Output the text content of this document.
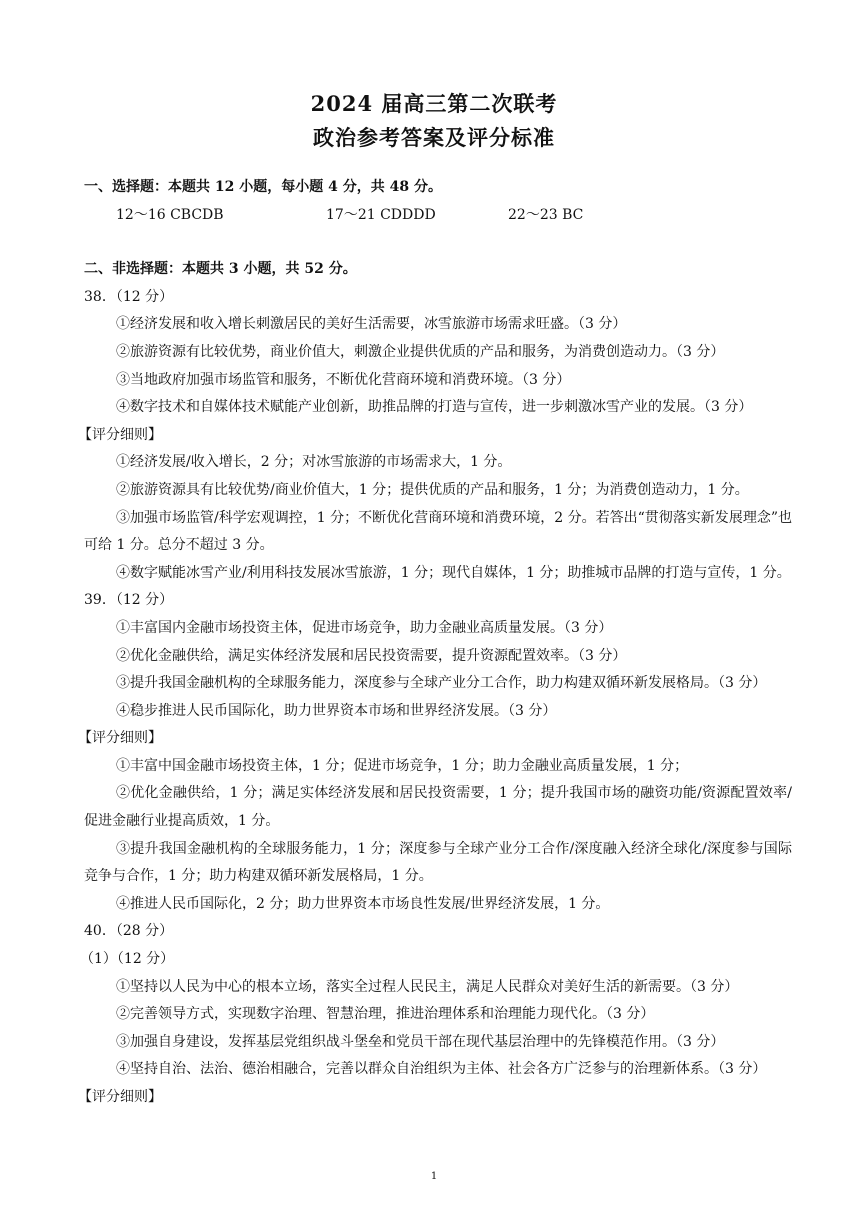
2024 届高三第二次联考
政治参考答案及评分标准
一、选择题：本题共 12 小题，每小题 4 分，共 48 分。
12～16 CBCDB	17～21 CDDDD	22～23 BC
二、非选择题：本题共 3 小题，共 52 分。
38．（12 分）
①经济发展和收入增长刺激居民的美好生活需要，冰雪旅游市场需求旺盛。（3 分）
②旅游资源有比较优势，商业价值大，刺激企业提供优质的产品和服务，为消费创造动力。（3 分）
③当地政府加强市场监管和服务，不断优化营商环境和消费环境。（3 分）
④数字技术和自媒体技术赋能产业创新，助推品牌的打造与宣传，进一步刺激冰雪产业的发展。（3 分）
【评分细则】
①经济发展/收入增长，2 分；对冰雪旅游的市场需求大，1 分。
②旅游资源具有比较优势/商业价值大，1 分；提供优质的产品和服务，1 分；为消费创造动力，1 分。
③加强市场监管/科学宏观调控，1 分；不断优化营商环境和消费环境，2 分。若答出“贯彻落实新发展理念”也可给 1 分。总分不超过 3 分。
④数字赋能冰雪产业/利用科技发展冰雪旅游，1 分；现代自媒体，1 分；助推城市品牌的打造与宣传，1 分。
39．（12 分）
①丰富国内金融市场投资主体，促进市场竞争，助力金融业高质量发展。（3 分）
②优化金融供给，满足实体经济发展和居民投资需要，提升资源配置效率。（3 分）
③提升我国金融机构的全球服务能力，深度参与全球产业分工合作，助力构建双循环新发展格局。（3 分）
④稳步推进人民币国际化，助力世界资本市场和世界经济发展。（3 分）
【评分细则】
①丰富中国金融市场投资主体，1 分；促进市场竞争，1 分；助力金融业高质量发展，1 分；
②优化金融供给，1 分；满足实体经济发展和居民投资需要，1 分；提升我国市场的融资功能/资源配置效率/促进金融行业提高质效，1 分。
③提升我国金融机构的全球服务能力，1 分；深度参与全球产业分工合作/深度融入经济全球化/深度参与国际竞争与合作，1 分；助力构建双循环新发展格局，1 分。
④推进人民币国际化，2 分；助力世界资本市场良性发展/世界经济发展，1 分。
40．（28 分）
（1）（12 分）
①坚持以人民为中心的根本立场，落实全过程人民民主，满足人民群众对美好生活的新需要。（3 分）
②完善领导方式，实现数字治理、智慧治理，推进治理体系和治理能力现代化。（3 分）
③加强自身建设，发挥基层党组织战斗堡垒和党员干部在现代基层治理中的先锋模范作用。（3 分）
④坚持自治、法治、德治相融合，完善以群众自治组织为主体、社会各方广泛参与的治理新体系。（3 分）
【评分细则】
1
